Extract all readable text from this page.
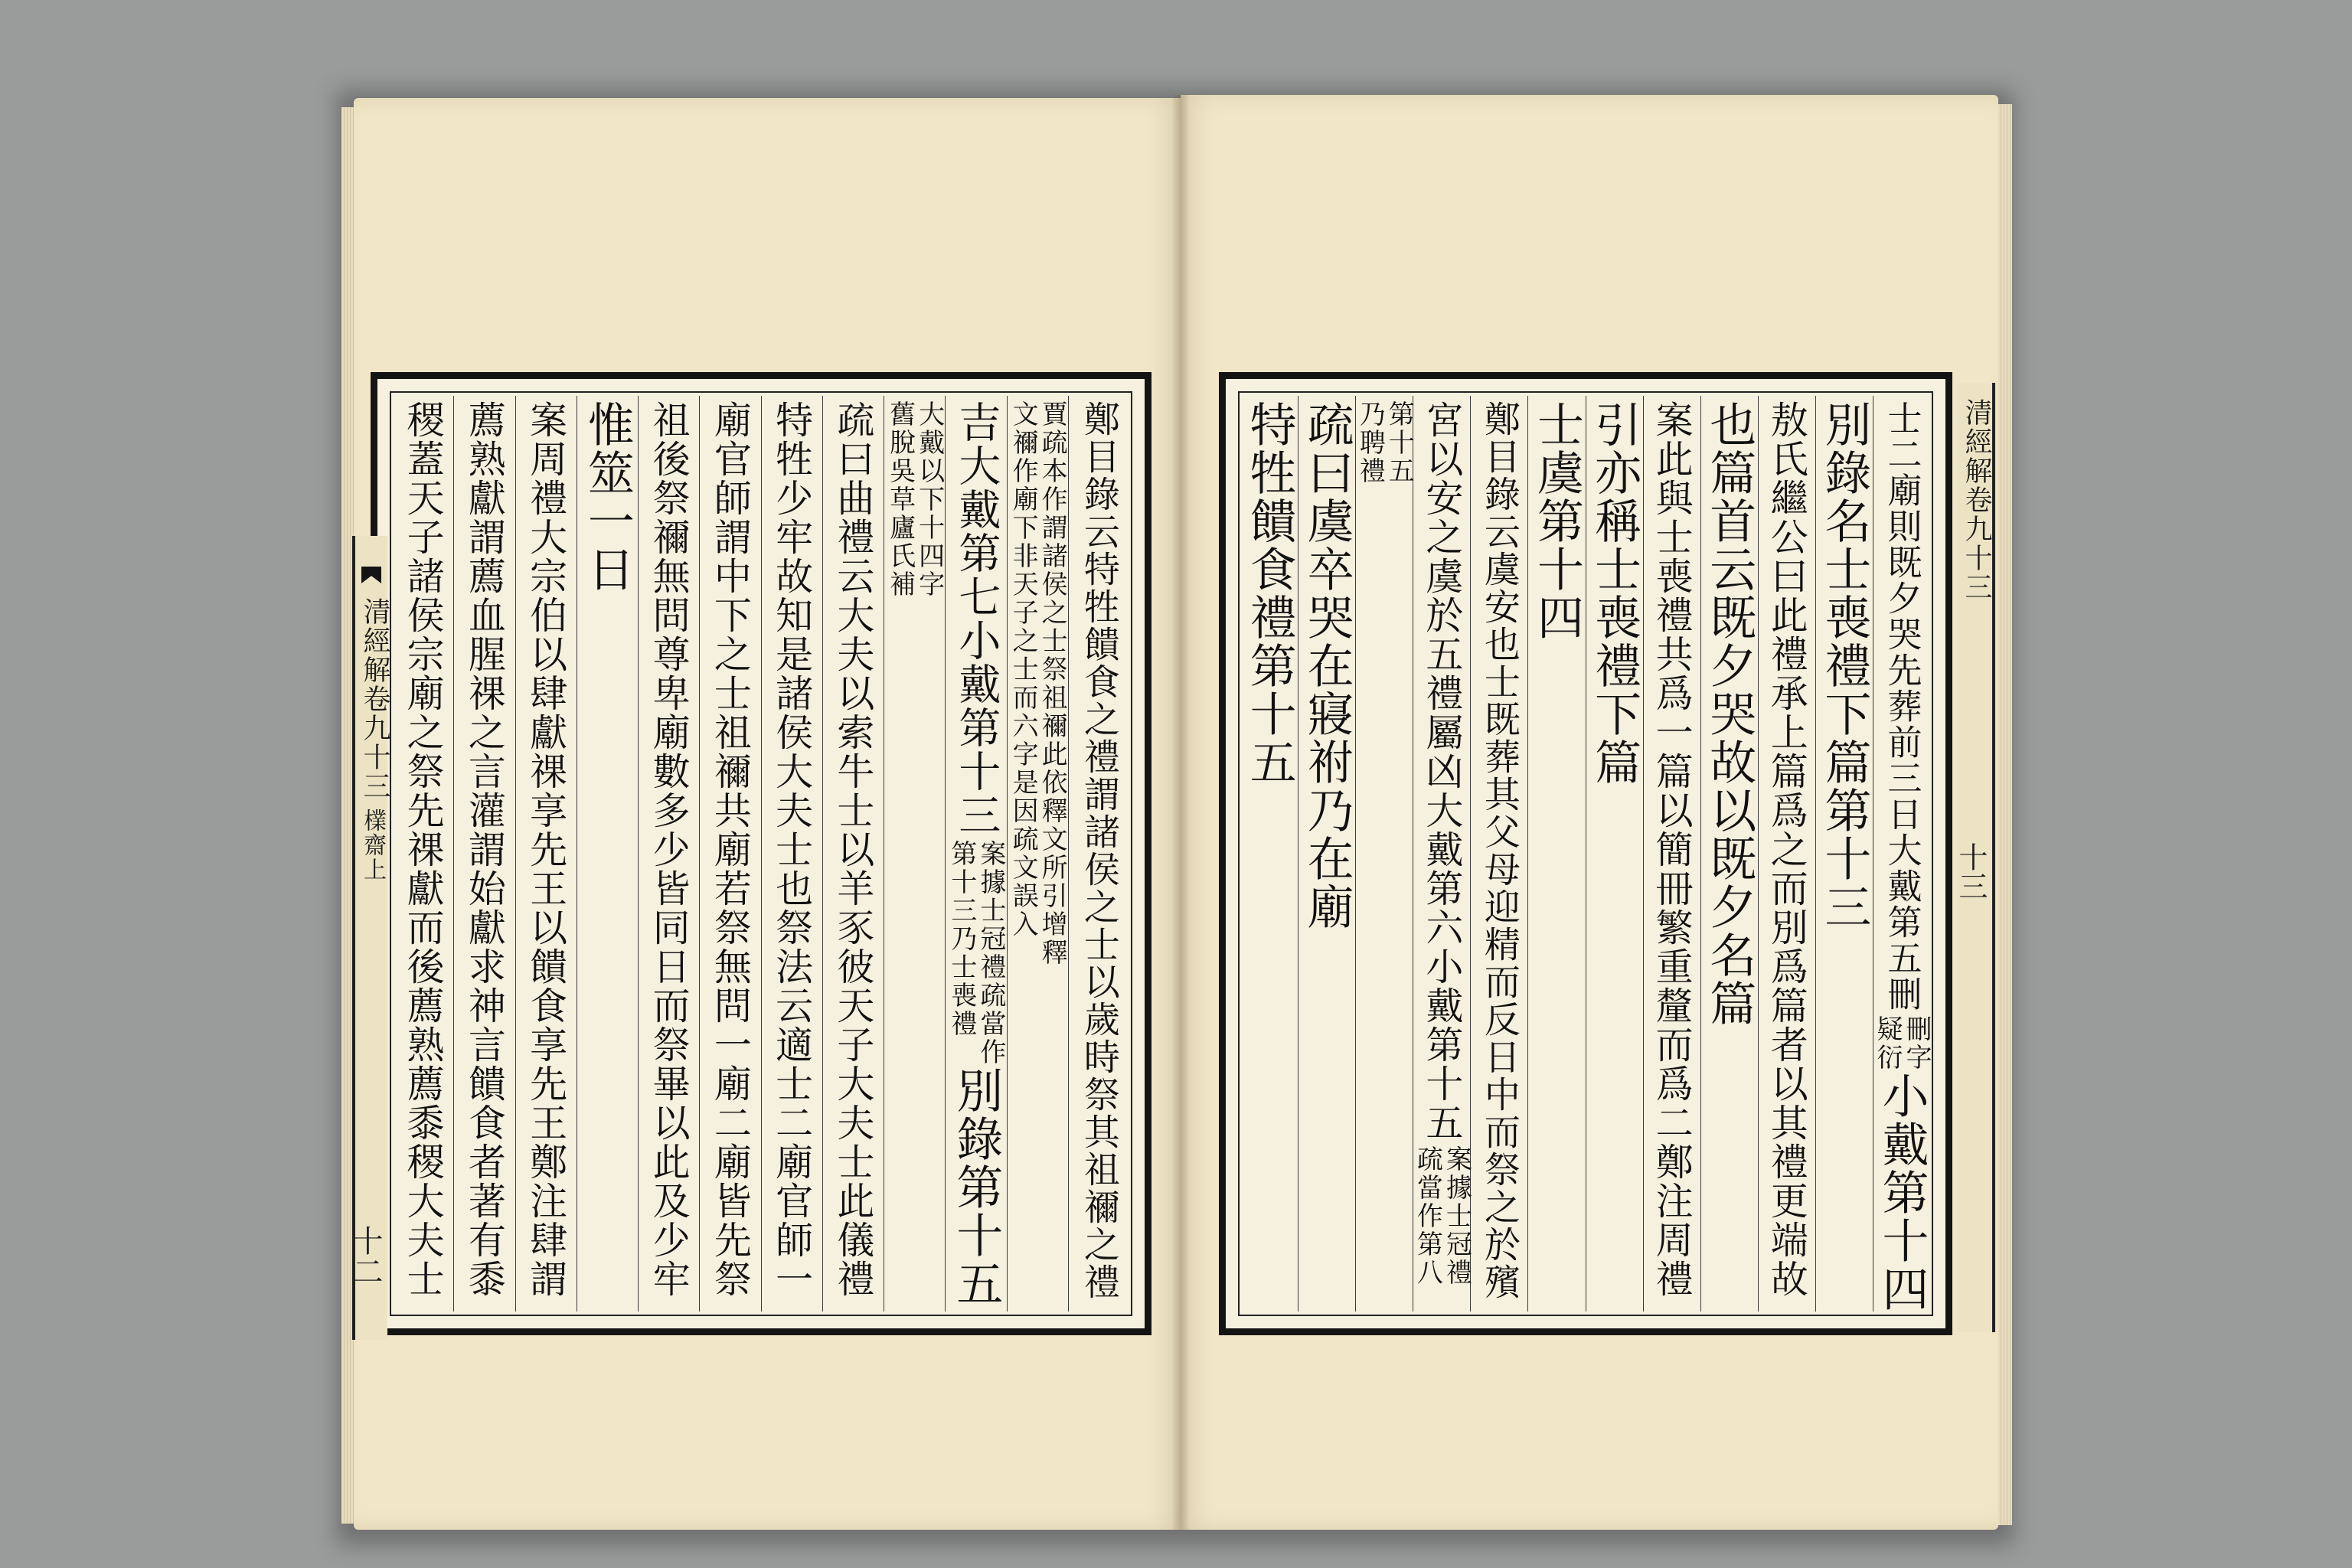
鄭目錄云特牲饋食之禮謂諸侯之士以歲時祭其祖禰之禮
賈疏本作謂諸侯之士祭祖禰此依釋文所引增釋
文禰作廟下非天子之士而六字是因疏文誤入
吉大戴第七小戴第十三
案據士冠禮疏當作
第十三乃士喪禮
別錄第十五
大戴以下十四字
舊脫吳草廬氏補
疏曰曲禮云大夫以索牛士以羊豕彼天子大夫士此儀禮
特牲少牢故知是諸侯大夫士也祭法云適士二廟官師一
廟官師謂中下之士祖禰共廟若祭無問一廟二廟皆先祭
祖後祭禰無問尊卑廟數多少皆同日而祭畢以此及少牢
惟筮一日
案周禮大宗伯以肆獻祼享先王以饋食享先王鄭注肆謂
薦熟獻謂薦血腥祼之言灌謂始獻求神言饋食者著有黍
稷蓋天子諸侯宗廟之祭先祼獻而後薦熟薦黍稷大夫士
清經解卷九十三
檏齋上
十二
士二廟則既夕哭先葬前三日大戴第五刪
刪字
疑衍
小戴第十四
別錄名士喪禮下篇第十三
敖氏繼公曰此禮承上篇爲之而別爲篇者以其禮更端故
也篇首云既夕哭故以既夕名篇
案此與士喪禮共爲一篇以簡冊繁重釐而爲二鄭注周禮
引亦稱士喪禮下篇
士虞第十四
鄭目錄云虞安也士既葬其父母迎精而反日中而祭之於殯
宮以安之虞於五禮屬凶大戴第六小戴第十五
案據士冠禮
疏當作第八
第十五
乃聘禮
疏曰虞卒哭在寢祔乃在廟
特牲饋食禮第十五	清經解卷九十三
十三
